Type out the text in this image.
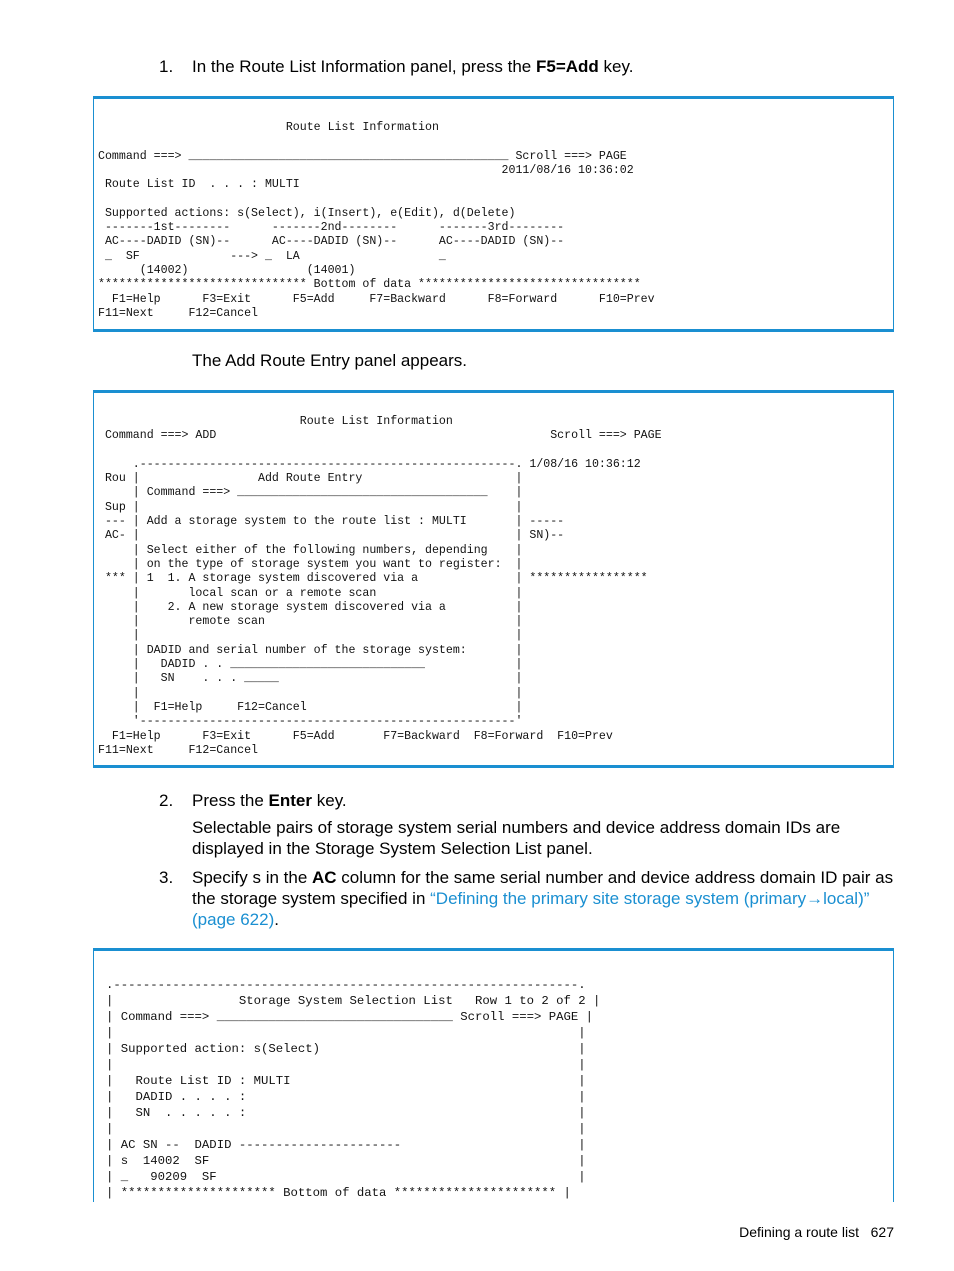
1. In the Route List Information panel, press the F5=Add key.
Route List Information

Command ===> ______________________________________________ Scroll ===> PAGE
2011/08/16 10:36:02
Route List ID  . . . : MULTI

Supported actions: s(Select), i(Insert), e(Edit), d(Delete)
-------1st--------      -------2nd--------      -------3rd--------
AC----DADID (SN)--      AC----DADID (SN)--      AC----DADID (SN)--
_  SF             ---> _  LA                    _
(14002)                 (14001)
****************************** Bottom of data ********************************
F1=Help      F3=Exit      F5=Add     F7=Backward      F8=Forward      F10=Prev
F11=Next     F12=Cancel
The Add Route Entry panel appears.
Route List Information
Command ===> ADD                                                Scroll ===> PAGE

.------------------------------------------------------. 1/08/16 10:36:12
Rou |                 Add Route Entry                      |
| Command ===> ____________________________________    |
Sup |                                                      |
--- | Add a storage system to the route list : MULTI       | -----
AC- |                                                      | SN)--
| Select either of the following numbers, depending    |
| on the type of storage system you want to register:  |
*** | 1  1. A storage system discovered via a              | *****************
|       local scan or a remote scan                    |
|    2. A new storage system discovered via a          |
|       remote scan                                    |
|                                                      |
| DADID and serial number of the storage system:       |
|   DADID . . ____________________________             |
|   SN    . . . _____                                  |
|                                                      |
|  F1=Help     F12=Cancel                              |
'------------------------------------------------------'
F1=Help      F3=Exit      F5=Add       F7=Backward  F8=Forward  F10=Prev
F11=Next     F12=Cancel
2. Press the Enter key.
Selectable pairs of storage system serial numbers and device address domain IDs are displayed in the Storage System Selection List panel.
3. Specify s in the AC column for the same serial number and device address domain ID pair as the storage system specified in “Defining the primary site storage system (primary→local)” (page 622).
.---------------------------------------------------------------.
|                 Storage System Selection List   Row 1 to 2 of 2 |
| Command ===> ________________________________ Scroll ===> PAGE |
|                                                               |
| Supported action: s(Select)                                   |
|                                                               |
|   Route List ID : MULTI                                       |
|   DADID . . . . :                                             |
|   SN  . . . . . :                                             |
|                                                               |
| AC SN --  DADID ----------------------                        |
| s  14002  SF                                                  |
| _   90209  SF                                                 |
| ********************* Bottom of data ********************** |
Defining a route list 627
